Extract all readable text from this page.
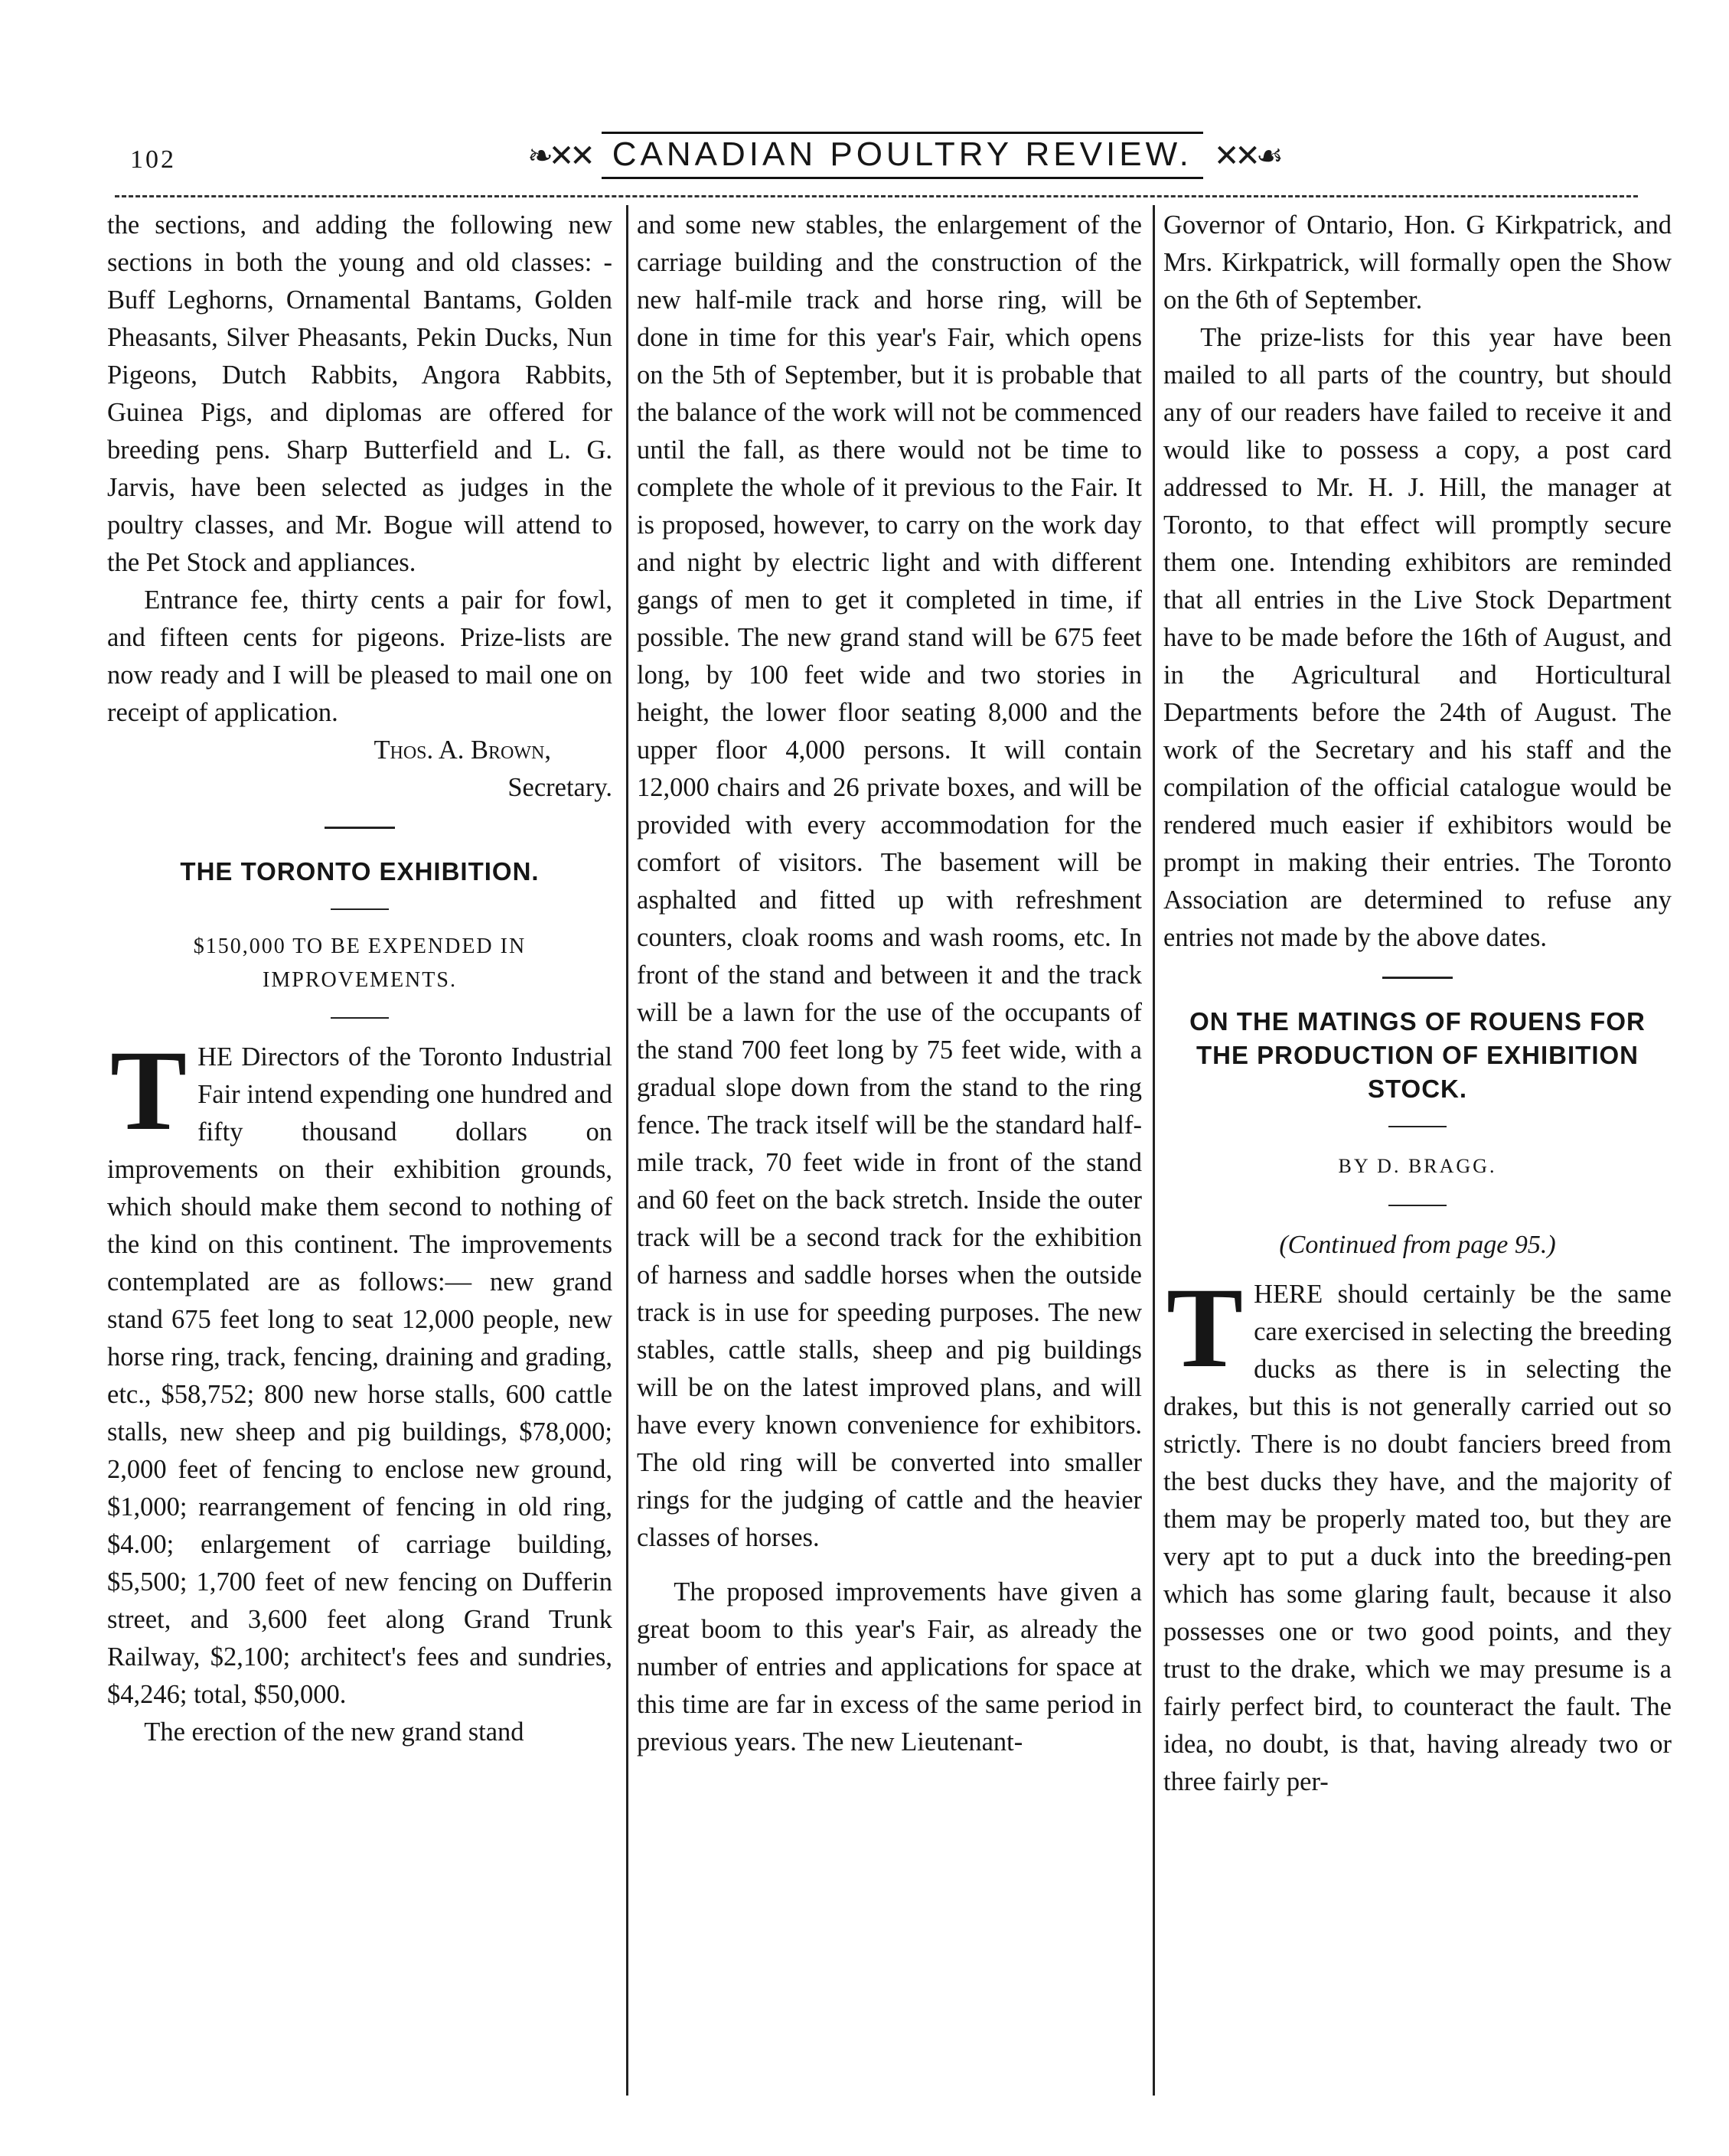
102	❧✕✕ CANADIAN POULTRY REVIEW. ✕✕☙

the sections, and adding the following new sections in both the young and old classes: - Buff Leghorns, Ornamental Bantams, Golden Pheasants, Silver Pheasants, Pekin Ducks, Nun Pigeons, Dutch Rabbits, Angora Rabbits, Guinea Pigs, and diplomas are offered for breeding pens. Sharp Butterfield and L. G. Jarvis, have been selected as judges in the poultry classes, and Mr. Bogue will attend to the Pet Stock and appliances.

Entrance fee, thirty cents a pair for fowl, and fifteen cents for pigeons. Prize-lists are now ready and I will be pleased to mail one on receipt of application.

Thos. A. Brown,
Secretary.
THE TORONTO EXHIBITION.
$150,000 TO BE EXPENDED IN IMPROVEMENTS.

THE Directors of the Toronto Industrial Fair intend expending one hundred and fifty thousand dollars on improvements on their exhibition grounds, which should make them second to nothing of the kind on this continent. The improvements contemplated are as follows:— new grand stand 675 feet long to seat 12,000 people, new horse ring, track, fencing, draining and grading, etc., $58,752; 800 new horse stalls, 600 cattle stalls, new sheep and pig buildings, $78,000; 2,000 feet of fencing to enclose new ground, $1,000; rearrangement of fencing in old ring, $4.00; enlargement of carriage building, $5,500; 1,700 feet of new fencing on Dufferin street, and 3,600 feet along Grand Trunk Railway, $2,100; architect's fees and sundries, $4,246; total, $50,000.

The erection of the new grand stand

and some new stables, the enlargement of the carriage building and the construction of the new half-mile track and horse ring, will be done in time for this year's Fair, which opens on the 5th of September, but it is probable that the balance of the work will not be commenced until the fall, as there would not be time to complete the whole of it previous to the Fair. It is proposed, however, to carry on the work day and night by electric light and with different gangs of men to get it completed in time, if possible. The new grand stand will be 675 feet long, by 100 feet wide and two stories in height, the lower floor seating 8,000 and the upper floor 4,000 persons. It will contain 12,000 chairs and 26 private boxes, and will be provided with every accommodation for the comfort of visitors. The basement will be asphalted and fitted up with refreshment counters, cloak rooms and wash rooms, etc. In front of the stand and between it and the track will be a lawn for the use of the occupants of the stand 700 feet long by 75 feet wide, with a gradual slope down from the stand to the ring fence. The track itself will be the standard half-mile track, 70 feet wide in front of the stand and 60 feet on the back stretch. Inside the outer track will be a second track for the exhibition of harness and saddle horses when the outside track is in use for speeding purposes. The new stables, cattle stalls, sheep and pig buildings will be on the latest improved plans, and will have every known convenience for exhibitors. The old ring will be converted into smaller rings for the judging of cattle and the heavier classes of horses.

The proposed improvements have given a great boom to this year's Fair, as already the number of entries and applications for space at this time are far in excess of the same period in previous years. The new Lieutenant-

Governor of Ontario, Hon. G Kirkpatrick, and Mrs. Kirkpatrick, will formally open the Show on the 6th of September.

The prize-lists for this year have been mailed to all parts of the country, but should any of our readers have failed to receive it and would like to possess a copy, a post card addressed to Mr. H. J. Hill, the manager at Toronto, to that effect will promptly secure them one. Intending exhibitors are reminded that all entries in the Live Stock Department have to be made before the 16th of August, and in the Agricultural and Horticultural Departments before the 24th of August. The work of the Secretary and his staff and the compilation of the official catalogue would be rendered much easier if exhibitors would be prompt in making their entries. The Toronto Association are determined to refuse any entries not made by the above dates.

ON THE MATINGS OF ROUENS FOR THE PRODUCTION OF EXHIBITION STOCK.
BY D. BRAGG.
(Continued from page 95.)

THERE should certainly be the same care exercised in selecting the breeding ducks as there is in selecting the drakes, but this is not generally carried out so strictly. There is no doubt fanciers breed from the best ducks they have, and the majority of them may be properly mated too, but they are very apt to put a duck into the breeding-pen which has some glaring fault, because it also possesses one or two good points, and they trust to the drake, which we may presume is a fairly perfect bird, to counteract the fault. The idea, no doubt, is that, having already two or three fairly per-
